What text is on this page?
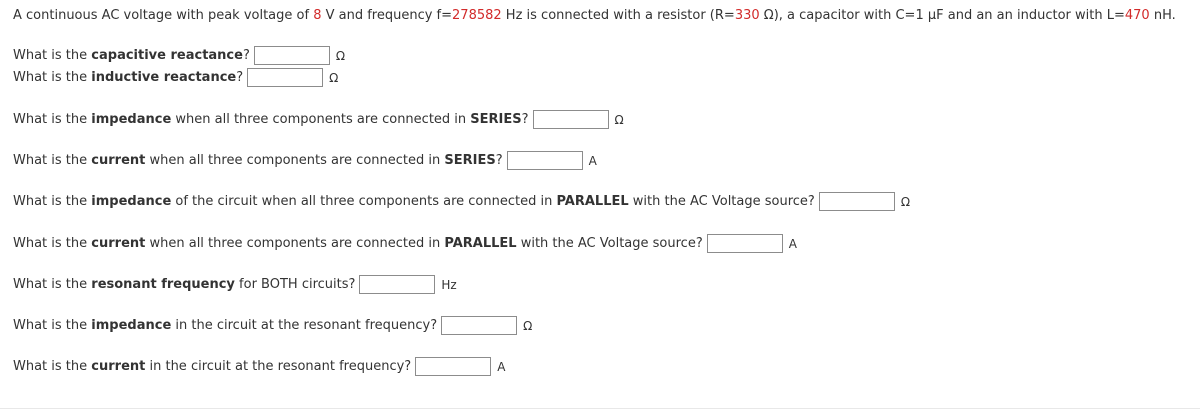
A continuous AC voltage with peak voltage of 8 V and frequency f= 278582 Hz is connected with a resistor (R= 330 Ω), a capacitor with C= 1 μF and an an inductor with L= 470 nH.
What is the capacitive reactance ?	Ω
What is the inductive reactance ?	Ω
What is the impedance when all three components are connected in SERIES ?	Ω
What is the current when all three components are connected in SERIES ?	A
What is the impedance of the circuit when all three components are connected in PARALLEL with the AC Voltage source?	Ω
What is the current when all three components are connected in PARALLEL with the AC Voltage source?	A
What is the resonant frequency for BOTH circuits?	Hz
What is the impedance in the circuit at the resonant frequency?	Ω
What is the current in the circuit at the resonant frequency?	A
